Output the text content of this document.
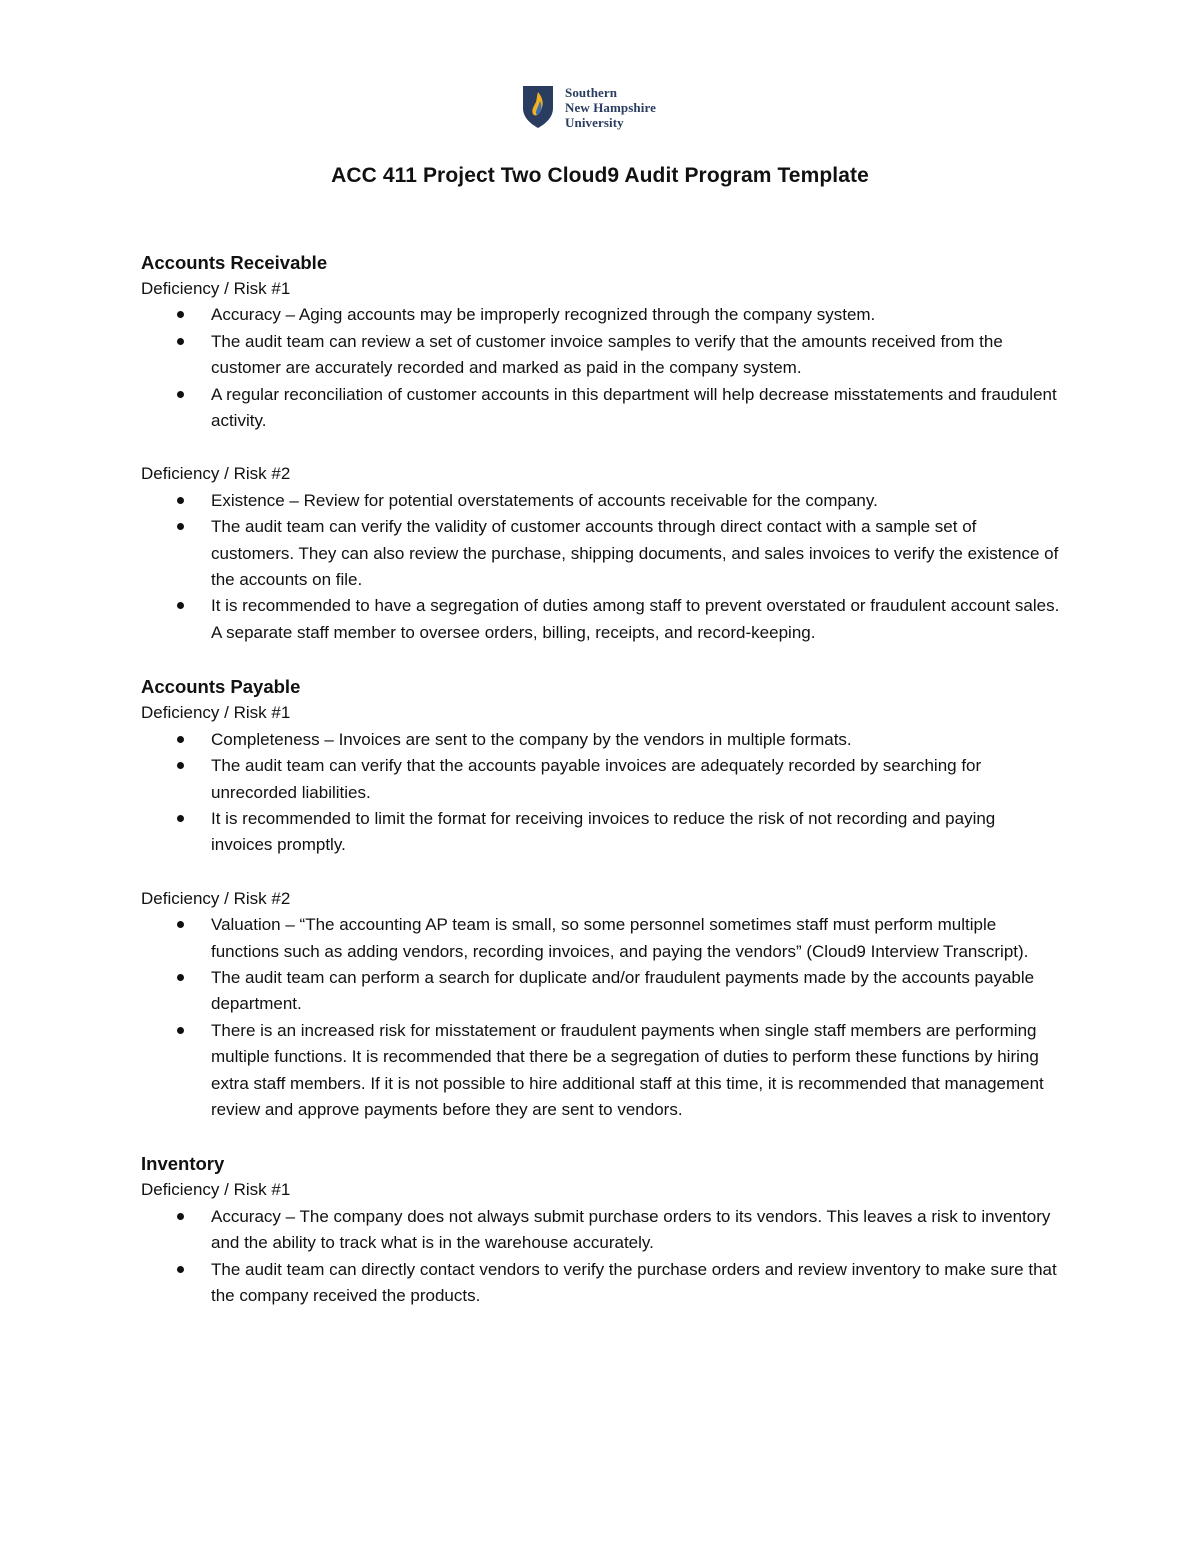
Southern
New Hampshire
University
ACC 411 Project Two Cloud9 Audit Program Template
Accounts Receivable
Deficiency / Risk #1
Accuracy – Aging accounts may be improperly recognized through the company system.
The audit team can review a set of customer invoice samples to verify that the amounts received from the customer are accurately recorded and marked as paid in the company system.
A regular reconciliation of customer accounts in this department will help decrease misstatements and fraudulent activity.
Deficiency / Risk #2
Existence – Review for potential overstatements of accounts receivable for the company.
The audit team can verify the validity of customer accounts through direct contact with a sample set of customers. They can also review the purchase, shipping documents, and sales invoices to verify the existence of the accounts on file.
It is recommended to have a segregation of duties among staff to prevent overstated or fraudulent account sales. A separate staff member to oversee orders, billing, receipts, and record-keeping.
Accounts Payable
Deficiency / Risk #1
Completeness – Invoices are sent to the company by the vendors in multiple formats.
The audit team can verify that the accounts payable invoices are adequately recorded by searching for unrecorded liabilities.
It is recommended to limit the format for receiving invoices to reduce the risk of not recording and paying invoices promptly.
Deficiency / Risk #2
Valuation – “The accounting AP team is small, so some personnel sometimes staff must perform multiple functions such as adding vendors, recording invoices, and paying the vendors” (Cloud9 Interview Transcript).
The audit team can perform a search for duplicate and/or fraudulent payments made by the accounts payable department.
There is an increased risk for misstatement or fraudulent payments when single staff members are performing multiple functions. It is recommended that there be a segregation of duties to perform these functions by hiring extra staff members. If it is not possible to hire additional staff at this time, it is recommended that management review and approve payments before they are sent to vendors.
Inventory
Deficiency / Risk #1
Accuracy – The company does not always submit purchase orders to its vendors. This leaves a risk to inventory and the ability to track what is in the warehouse accurately.
The audit team can directly contact vendors to verify the purchase orders and review inventory to make sure that the company received the products.
